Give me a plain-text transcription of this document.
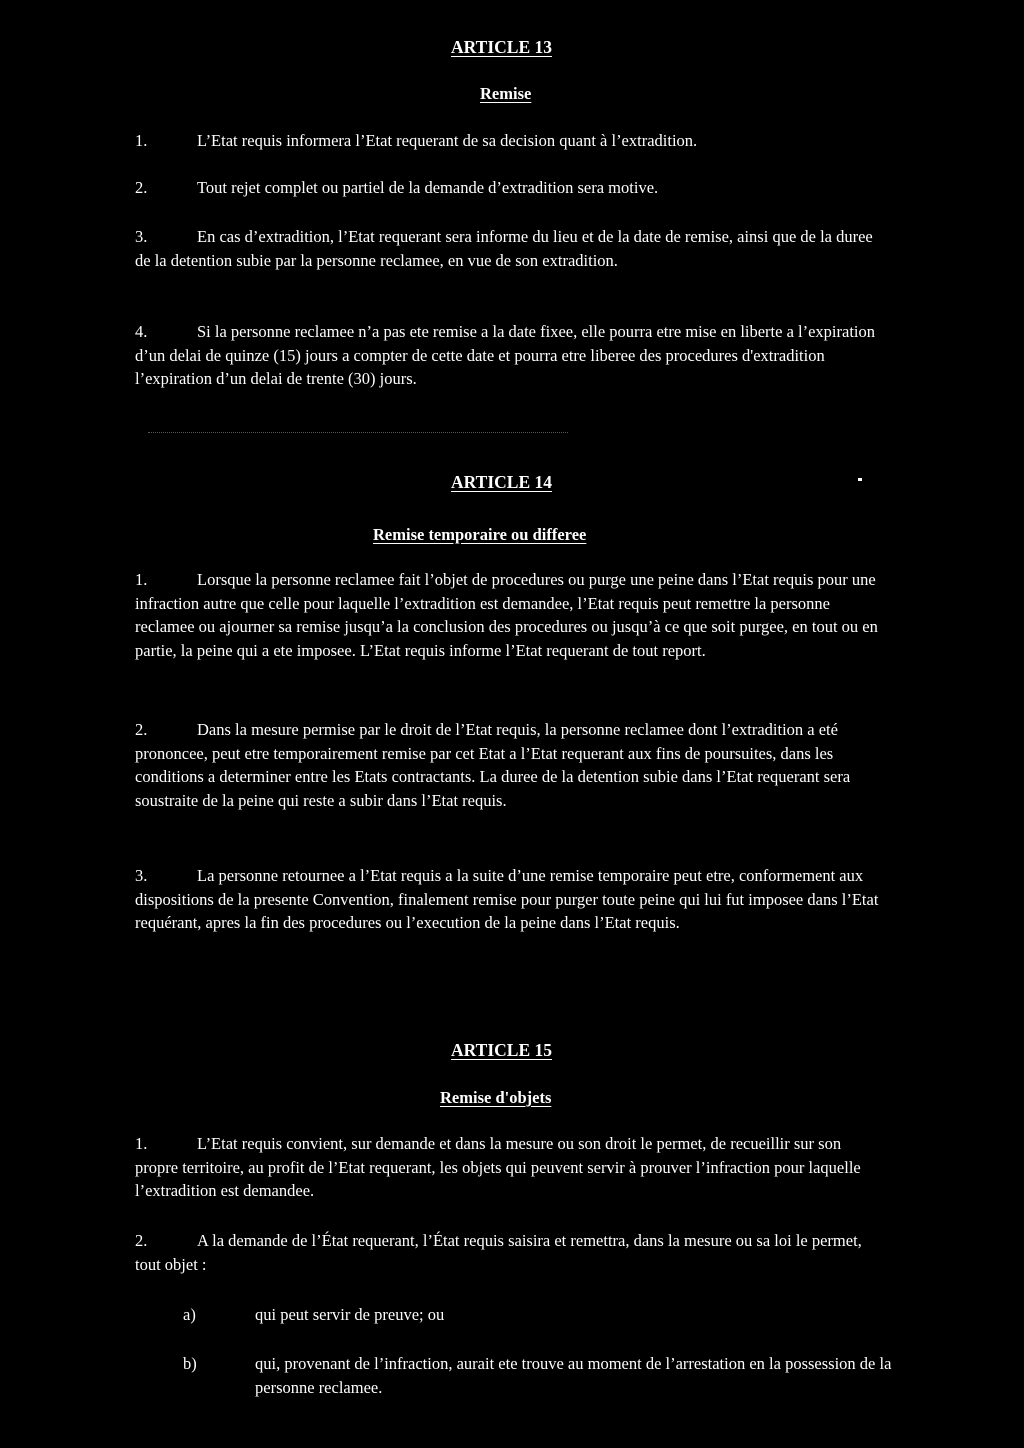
ARTICLE 13
Remise

1.	L’Etat requis informera l’Etat requerant de sa decision quant à l’extradition.

2.	Tout rejet complet ou partiel de la demande d’extradition sera motive.

3.	En cas d’extradition, l’Etat requerant sera informe du lieu et de la date de remise, ainsi que de la duree de la detention subie par la personne reclamee, en vue de son extradition.

4.	Si la personne reclamee n’a pas ete remise a la date fixee, elle pourra etre mise en liberte a l’expiration d’un delai de quinze (15) jours a compter de cette date et pourra etre liberee des procedures d'extradition l’expiration d’un delai de trente (30) jours.

ARTICLE 14
Remise temporaire ou differee

1.	Lorsque la personne reclamee fait l’objet de procedures ou purge une peine dans l’Etat requis pour une infraction autre que celle pour laquelle l’extradition est demandee, l’Etat requis peut remettre la personne reclamee ou ajourner sa remise jusqu’a la conclusion des procedures ou jusqu’à ce que soit purgee, en tout ou en partie, la peine qui a ete imposee. L’Etat requis informe l’Etat requerant de tout report.

2.	Dans la mesure permise par le droit de l’Etat requis, la personne reclamee dont l’extradition a eté prononcee, peut etre temporairement remise par cet Etat a l’Etat requerant aux fins de poursuites, dans les conditions a determiner entre les Etats contractants. La duree de la detention subie dans l’Etat requerant sera soustraite de la peine qui reste a subir dans l’Etat requis.

3.	La personne retournee a l’Etat requis a la suite d’une remise temporaire peut etre, conformement aux dispositions de la presente Convention, finalement remise pour purger toute peine qui lui fut imposee dans l’Etat requérant, apres la fin des procedures ou l’execution de la peine dans l’Etat requis.

ARTICLE 15
Remise d'objets

1.	L’Etat requis convient, sur demande et dans la mesure ou son droit le permet, de recueillir sur son propre territoire, au profit de l’Etat requerant, les objets qui peuvent servir à prouver l’infraction pour laquelle l’extradition est demandee.

2.	A la demande de l’État requerant, l’État requis saisira et remettra, dans la mesure ou sa loi le permet, tout objet :

a)	qui peut servir de preuve; ou

b)	qui, provenant de l’infraction, aurait ete trouve au moment de l’arrestation en la possession de la personne reclamee.
